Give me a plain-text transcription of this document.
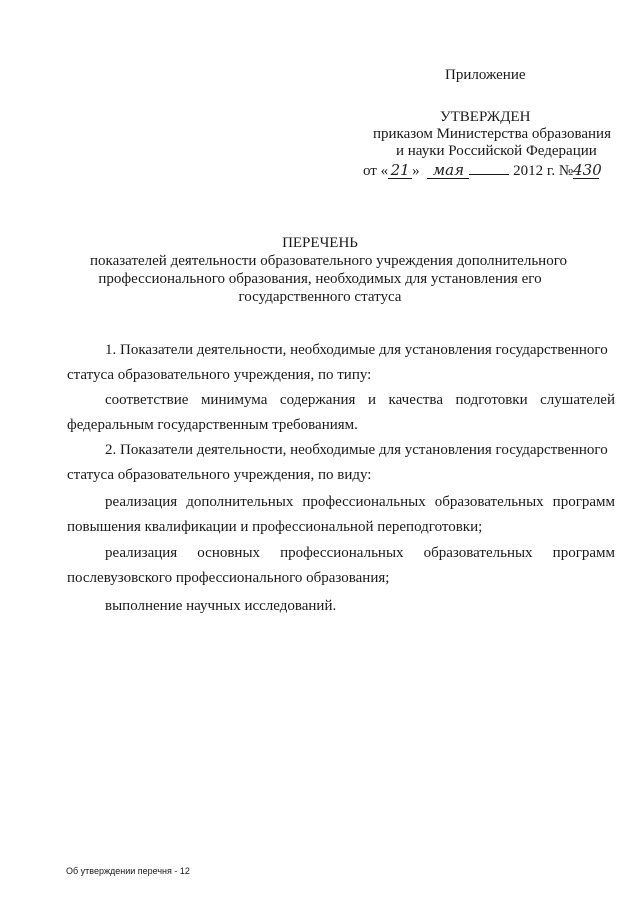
Приложение
УТВЕРЖДЕН
приказом Министерства образования
и науки Российской Федерации
от « 21 » мая	2012 г. №430
ПЕРЕЧЕНЬ
показателей деятельности образовательного учреждения дополнительного
профессионального образования, необходимых для установления его
государственного статуса
1. Показатели деятельности, необходимые для установления государственного
статуса образовательного учреждения, по типу:
соответствие минимума содержания и качества подготовки слушателей
федеральным государственным требованиям.
2. Показатели деятельности, необходимые для установления государственного
статуса образовательного учреждения, по виду:
реализация дополнительных профессиональных образовательных программ
повышения квалификации и профессиональной переподготовки;
реализация основных профессиональных образовательных программ
послевузовского профессионального образования;
выполнение научных исследований.
Об утверждении перечня - 12
